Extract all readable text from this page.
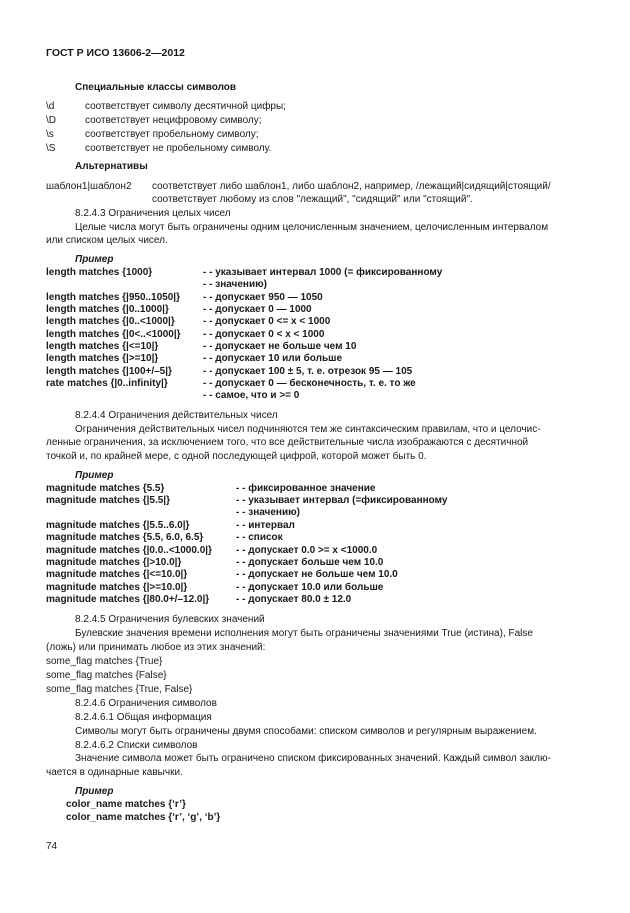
ГОСТ Р ИСО 13606-2—2012
Специальные классы символов
\d	соответствует символу десятичной цифры;
\D	соответствует нецифровому символу;
\s	соответствует пробельному символу;
\S	соответствует не пробельному символу.
Альтернативы
шаблон1|шаблон2 соответствует либо шаблон1, либо шаблон2, например, /лежащий|сидящий|стоящий/
соответствует любому из слов "лежащий", "сидящий" или "стоящий".
8.2.4.3 Ограничения целых чисел
Целые числа могут быть ограничены одним целочисленным значением, целочисленным интервалом
или списком целых чисел.
Пример
length matches {1000}	- - указывает интервал 1000 (= фиксированному
- - значению)
length matches {|950..1050|} - - допускает 950 — 1050
length matches {|0..1000|}	- - допускает 0 — 1000
length matches {|0..<1000|}	- - допускает 0 <= x < 1000
length matches {|0<..<1000|} - - допускает 0 < x < 1000
length matches {|<=10|}	- - допускает не больше чем 10
length matches {|>=10|}	- - допускает 10 или больше
length matches {|100+/–5|}	- - допускает 100 ± 5, т. е. отрезок 95 — 105
rate matches {|0..infinity|}	- - допускает 0 — бесконечность, т. е. то же
- - самое, что и >= 0
8.2.4.4 Ограничения действительных чисел
Ограничения действительных чисел подчиняются тем же синтаксическим правилам, что и целочис-
ленные ограничения, за исключением того, что все действительные числа изображаются с десятичной
точкой и, по крайней мере, с одной последующей цифрой, которой может быть 0.
Пример
magnitude matches {5.5}	- - фиксированное значение
magnitude matches {|5.5|}	- - указывает интервал (=фиксированному
- - значению)
magnitude matches {|5.5..6.0|}	- - интервал
magnitude matches {5.5, 6.0, 6.5}	- - список
magnitude matches {|0.0..<1000.0|} - - допускает 0.0 >= x <1000.0
magnitude matches {|>10.0|}	- - допускает больше чем 10.0
magnitude matches {|<=10.0|}	- - допускает не больше чем 10.0
magnitude matches {|>=10.0|}	- - допускает 10.0 или больше
magnitude matches {|80.0+/–12.0|}	- - допускает 80.0 ± 12.0
8.2.4.5 Ограничения булевских значений
Булевские значения времени исполнения могут быть ограничены значениями True (истина), False
(ложь) или принимать любое из этих значений:
some_flag matches {True}
some_flag matches {False}
some_flag matches {True, False}
8.2.4.6 Ограничения символов
8.2.4.6.1 Общая информация
Символы могут быть ограничены двумя способами: списком символов и регулярным выражением.
8.2.4.6.2 Списки символов
Значение символа может быть ограничено списком фиксированных значений. Каждый символ заклю-
чается в одинарные кавычки.
Пример
color_name matches {‘r’}
color_name matches {‘r’, ‘g’, ‘b’}
74
